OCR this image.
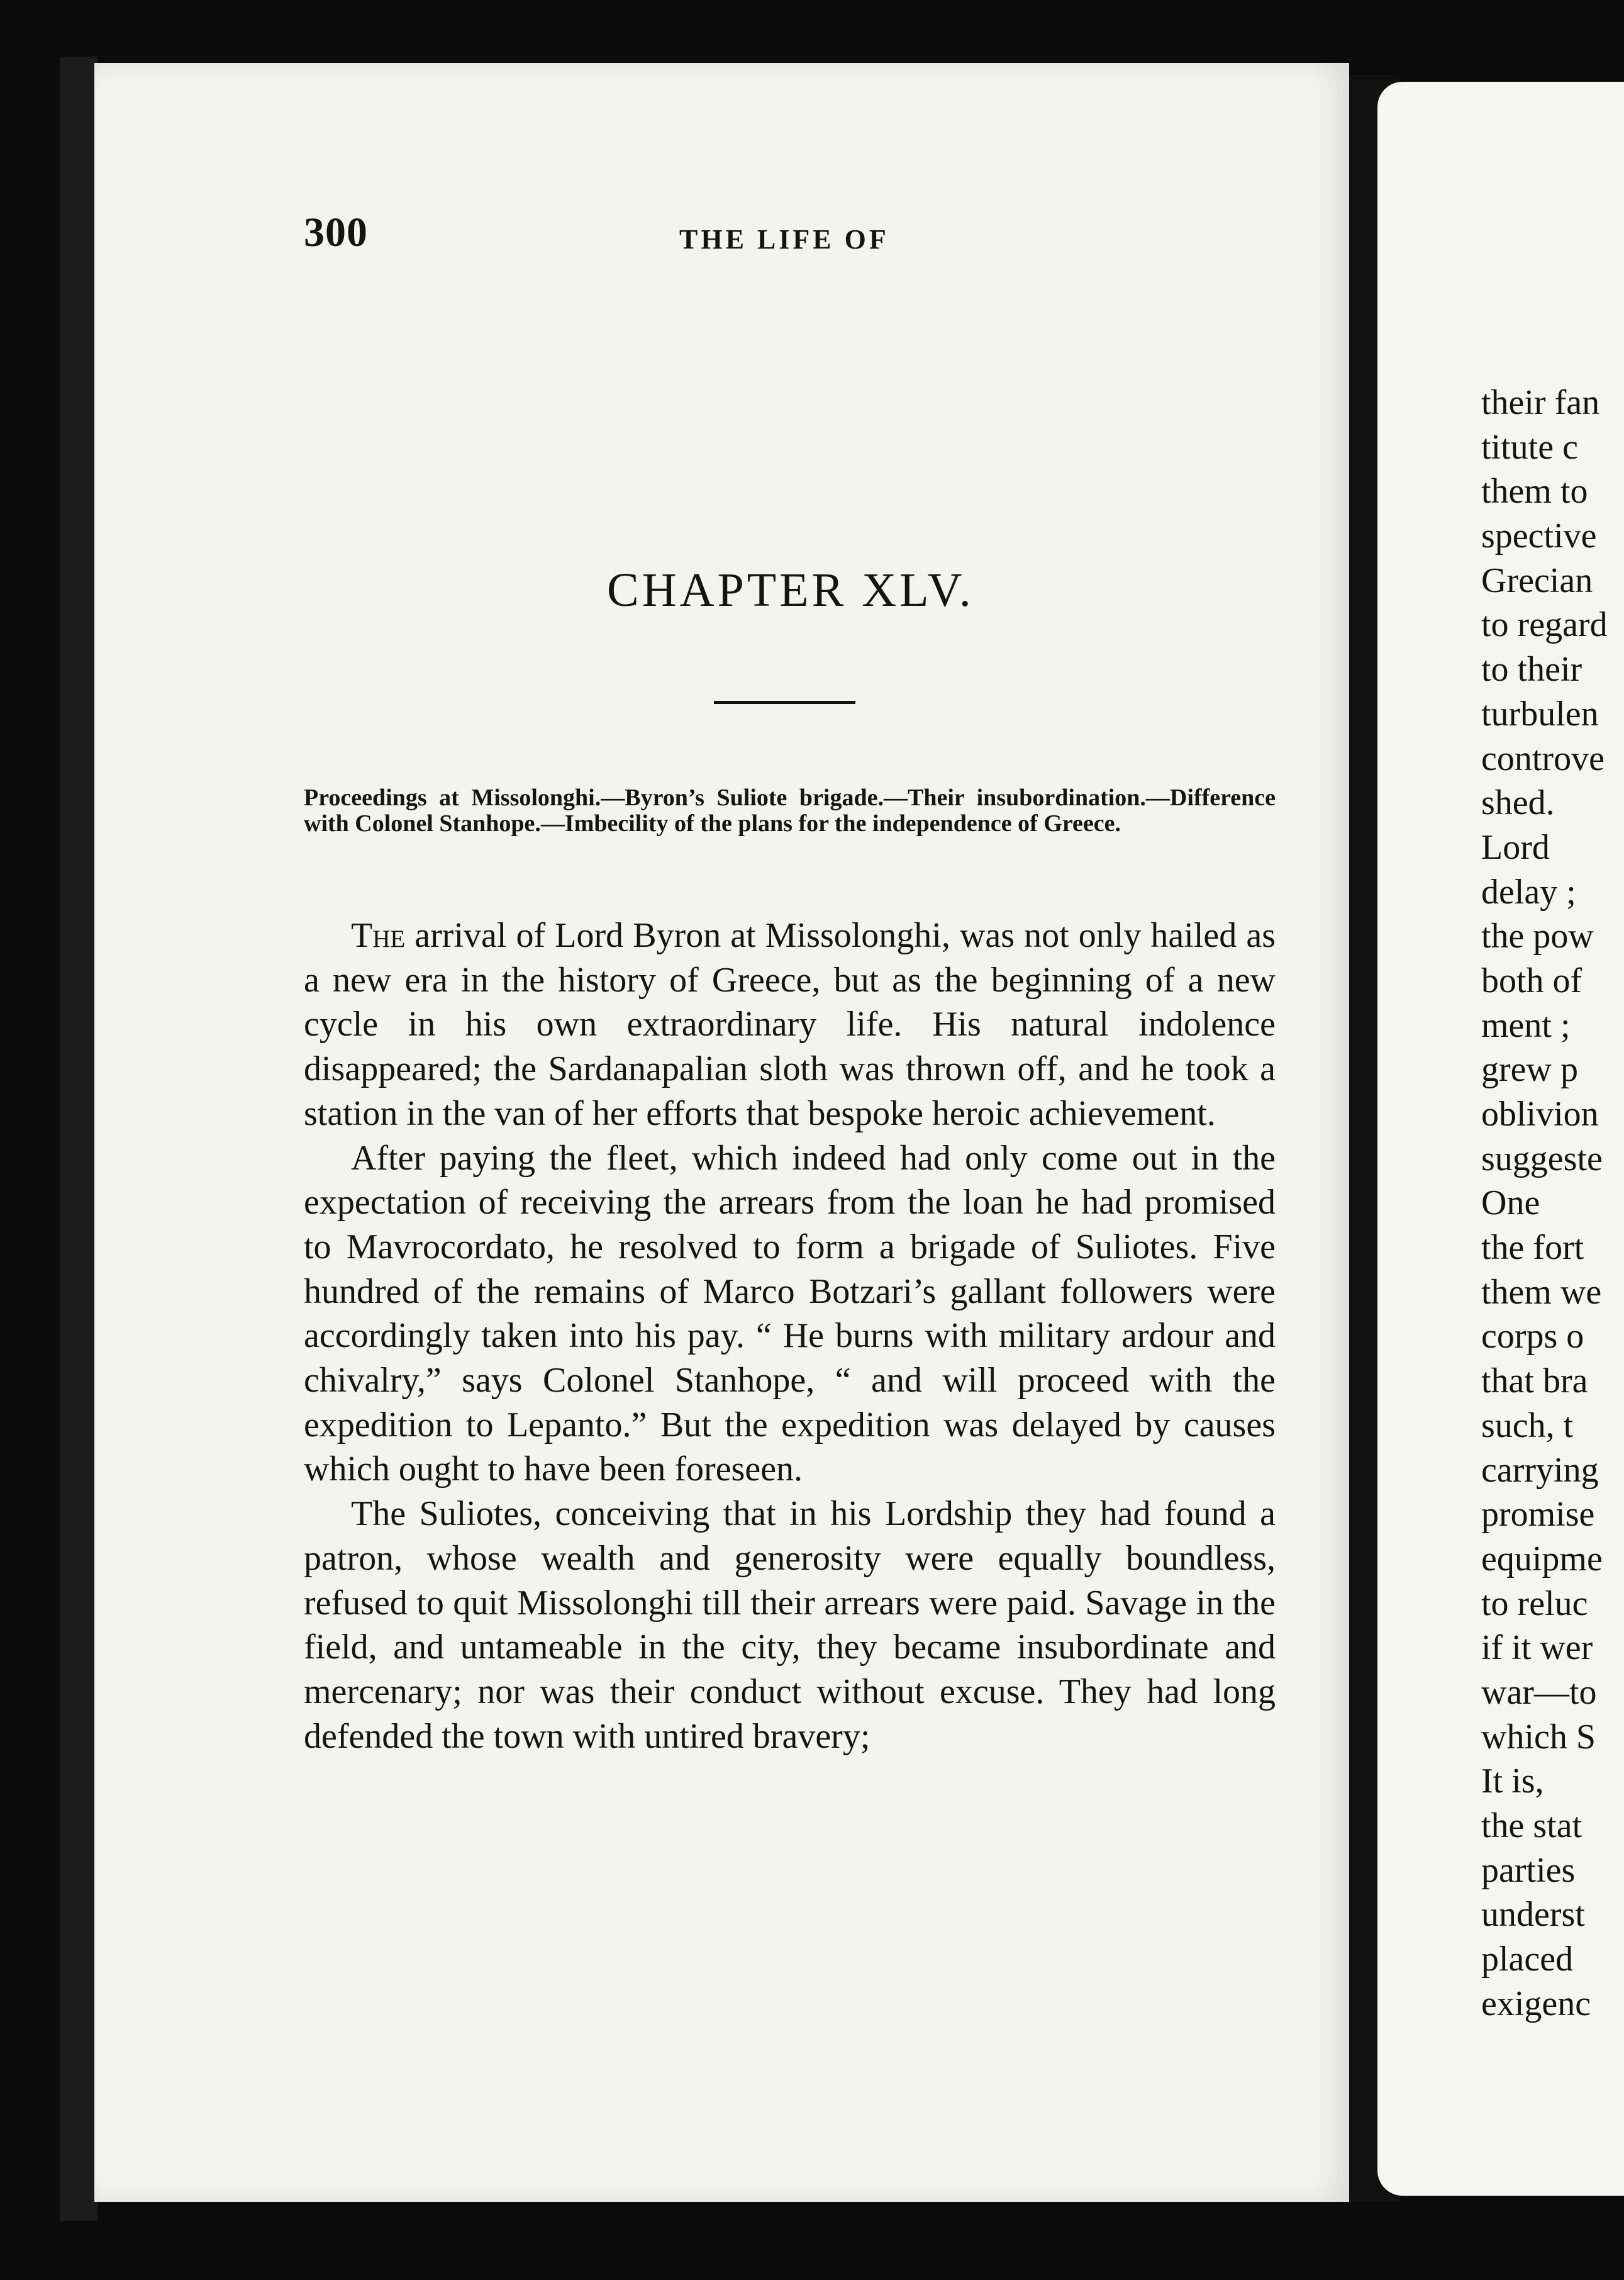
300	THE LIFE OF
CHAPTER XLV.
Proceedings at Missolonghi.—Byron’s Suliote brigade.—Their insubordination.—Difference with Colonel Stanhope.—Imbecility of the plans for the independence of Greece.

The arrival of Lord Byron at Missolonghi, was not only hailed as a new era in the history of Greece, but as the beginning of a new cycle in his own extraordinary life. His natural indolence disappeared; the Sardanapalian sloth was thrown off, and he took a station in the van of her efforts that bespoke heroic achievement.

After paying the fleet, which indeed had only come out in the expectation of receiving the arrears from the loan he had promised to Mavrocordato, he resolved to form a brigade of Suliotes. Five hundred of the remains of Marco Botzari’s gallant followers were accordingly taken into his pay. “ He burns with military ardour and chivalry,” says Colonel Stanhope, “ and will proceed with the expedition to Lepanto.” But the expedition was delayed by causes which ought to have been foreseen.

The Suliotes, conceiving that in his Lordship they had found a patron, whose wealth and generosity were equally boundless, refused to quit Missolonghi till their arrears were paid. Savage in the field, and untameable in the city, they became insubordinate and mercenary; nor was their conduct without excuse. They had long defended the town with untired bravery;

their fan
titute c
them to
spective
Grecian
to regard
to their
turbulen
controve
shed.
Lord
delay ;
the pow
both of
ment ;
grew p
oblivion
suggeste
One
the fort
them we
corps o
that bra
such, t
carrying
promise
equipme
to reluc
if it wer
war—to
which S
It is,
the stat
parties
underst
placed
exigenc
